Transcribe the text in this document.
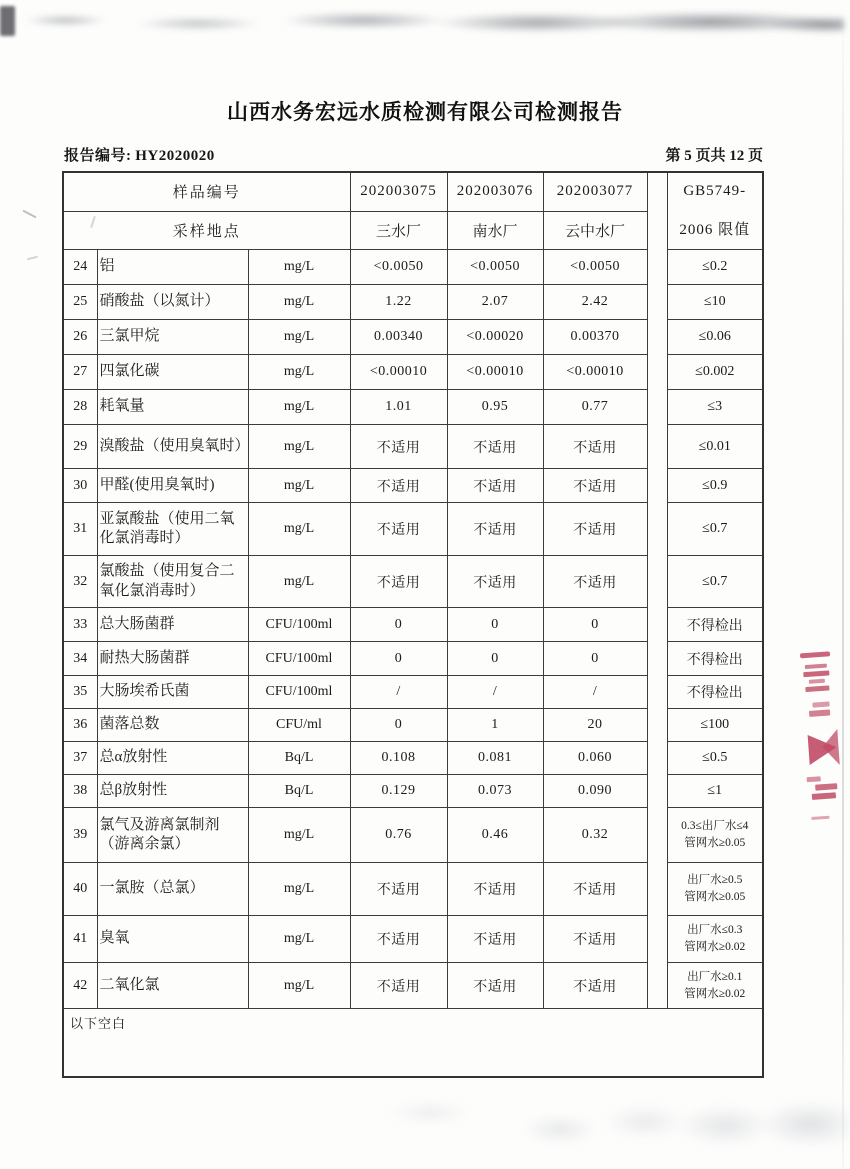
山西水务宏远水质检测有限公司检测报告
报告编号: HY2020020	第 5 页共 12 页
样品编号			202003075	202003076	202003077		GB5749-
2006 限值

采样地点			三水厂	南水厂	云中水厂		
24	铝	mg/L	<0.0050	<0.0050	<0.0050		≤0.2

25	硝酸盐（以氮计）	mg/L	1.22	2.07	2.42		≤10

26	三氯甲烷	mg/L	0.00340	<0.00020	0.00370		≤0.06

27	四氯化碳	mg/L	<0.00010	<0.00010	<0.00010		≤0.002

28	耗氧量	mg/L	1.01	0.95	0.77		≤3

29	溴酸盐（使用臭氧时）	mg/L	不适用	不适用	不适用		≤0.01

30	甲醛(使用臭氧时)	mg/L	不适用	不适用	不适用		≤0.9

31	亚氯酸盐（使用二氧化氯消毒时）	mg/L	不适用	不适用	不适用		≤0.7

32	氯酸盐（使用复合二氧化氯消毒时）	mg/L	不适用	不适用	不适用		≤0.7

33	总大肠菌群	CFU/100ml	0	0	0		不得检出

34	耐热大肠菌群	CFU/100ml	0	0	0		不得检出

35	大肠埃希氏菌	CFU/100ml	/	/	/		不得检出

36	菌落总数	CFU/ml	0	1	20		≤100

37	总α放射性	Bq/L	0.108	0.081	0.060		≤0.5

38	总β放射性	Bq/L	0.129	0.073	0.090		≤1

39	氯气及游离氯制剂（游离余氯）	mg/L	0.76	0.46	0.32		0.3≤出厂水≤4
管网水≥0.05

40	一氯胺（总氯）	mg/L	不适用	不适用	不适用		出厂水≥0.5
管网水≥0.05

41	臭氧	mg/L	不适用	不适用	不适用		出厂水≤0.3
管网水≥0.02

42	二氧化氯	mg/L	不适用	不适用	不适用		出厂水≥0.1
管网水≥0.02

以下空白							
